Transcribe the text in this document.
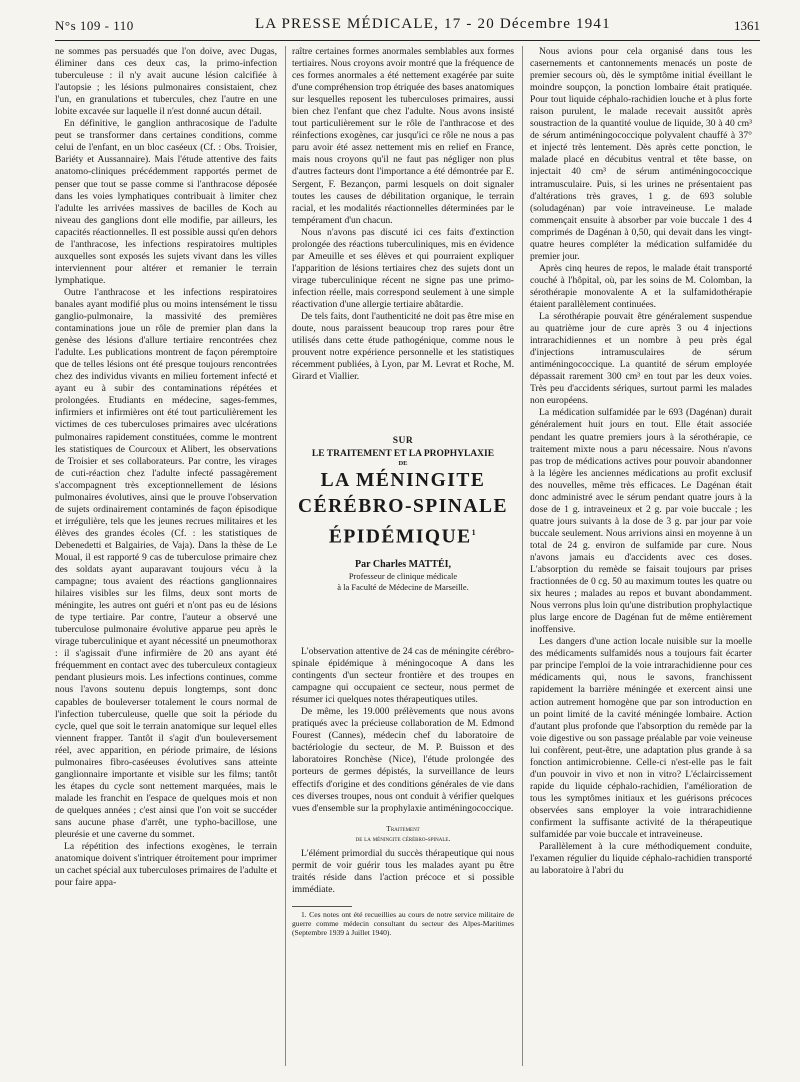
N°s 109 - 110	LA PRESSE MÉDICALE, 17 - 20 Décembre 1941	1361

ne sommes pas persuadés que l'on doive, avec Dugas, éliminer dans ces deux cas, la primo-infection tuberculeuse : il n'y avait aucune lésion calcifiée à l'autopsie ; les lésions pulmonaires consistaient, chez l'un, en granulations et tubercules, chez l'autre en une lobite excavée sur laquelle il n'est donné aucun détail.

En définitive, le ganglion anthracosique de l'adulte peut se transformer dans certaines conditions, comme celui de l'enfant, en un bloc caséeux (Cf. : Obs. Troisier, Bariéty et Aussannaire). Mais l'étude attentive des faits anatomo-cliniques précédemment rapportés permet de penser que tout se passe comme si l'anthracose déposée dans les voies lymphatiques contribuait à limiter chez l'adulte les arrivées massives de bacilles de Koch au niveau des ganglions dont elle modifie, par ailleurs, les capacités réactionnelles. Il est possible aussi qu'en dehors de l'anthracose, les infections respiratoires multiples auxquelles sont exposés les sujets vivant dans les villes interviennent pour altérer et remanier le terrain lymphatique.

Outre l'anthracose et les infections respiratoires banales ayant modifié plus ou moins intensément le tissu ganglio-pulmonaire, la massivité des premières contaminations joue un rôle de premier plan dans la genèse des lésions d'allure tertiaire rencontrées chez l'adulte. Les publications montrent de façon péremptoire que de telles lésions ont été presque toujours rencontrées chez des individus vivants en milieu fortement infecté et ayant eu à subir des contaminations répétées et prolongées. Etudiants en médecine, sages-femmes, infirmiers et infirmières ont été tout particulièrement les victimes de ces tuberculoses primaires avec ulcérations pulmonaires rapidement constituées, comme le montrent les statistiques de Courcoux et Alibert, les observations de Troisier et ses collaborateurs. Par contre, les virages de cuti-réaction chez l'adulte infecté passagèrement s'accompagnent très exceptionnellement de lésions pulmonaires évolutives, ainsi que le prouve l'observation de sujets ordinairement contaminés de façon épisodique et irrégulière, tels que les jeunes recrues militaires et les élèves des grandes écoles (Cf. : les statistiques de Debenedetti et Balgairies, de Vaja). Dans la thèse de Le Moual, il est rapporté 9 cas de tuberculose primaire chez des soldats ayant auparavant toujours vécu à la campagne; tous avaient des réactions ganglionnaires hilaires visibles sur les films, deux sont morts de méningite, les autres ont guéri et n'ont pas eu de lésions de type tertiaire. Par contre, l'auteur a observé une tuberculose pulmonaire évolutive apparue peu après le virage tuberculinique et ayant nécessité un pneumothorax : il s'agissait d'une infirmière de 20 ans ayant été fréquemment en contact avec des tuberculeux contagieux pendant plusieurs mois. Les infections continues, comme nous l'avons soutenu depuis longtemps, sont donc capables de bouleverser totalement le cours normal de l'infection tuberculeuse, quelle que soit la période du cycle, quel que soit le terrain anatomique sur lequel elles viennent frapper. Tantôt il s'agit d'un bouleversement réel, avec apparition, en période primaire, de lésions pulmonaires fibro-caséeuses évolutives sans atteinte ganglionnaire importante et visible sur les films; tantôt les étapes du cycle sont nettement marquées, mais le malade les franchit en l'espace de quelques mois et non de quelques années ; c'est ainsi que l'on voit se succéder sans aucune phase d'arrêt, une typho-bacillose, une pleurésie et une caverne du sommet.

La répétition des infections exogènes, le terrain anatomique doivent s'intriquer étroitement pour imprimer un cachet spécial aux tuberculoses primaires de l'adulte et pour faire appa-

raître certaines formes anormales semblables aux formes tertiaires. Nous croyons avoir montré que la fréquence de ces formes anormales a été nettement exagérée par suite d'une compréhension trop étriquée des bases anatomiques sur lesquelles reposent les tuberculoses primaires, aussi bien chez l'enfant que chez l'adulte. Nous avons insisté tout particulièrement sur le rôle de l'anthracose et des réinfections exogènes, car jusqu'ici ce rôle ne nous a pas paru avoir été assez nettement mis en relief en France, mais nous croyons qu'il ne faut pas négliger non plus d'autres facteurs dont l'importance a été démontrée par E. Sergent, F. Bezançon, parmi lesquels on doit signaler toutes les causes de débilitation organique, le terrain racial, et les modalités réactionnelles déterminées par le tempérament d'un chacun.

Nous n'avons pas discuté ici ces faits d'extinction prolongée des réactions tuberculiniques, mis en évidence par Ameuille et ses élèves et qui pourraient expliquer l'apparition de lésions tertiaires chez des sujets dont un virage tuberculinique récent ne signe pas une primo-infection réelle, mais correspond seulement à une simple réactivation d'une allergie tertiaire abâtardie.

De tels faits, dont l'authenticité ne doit pas être mise en doute, nous paraissent beaucoup trop rares pour être utilisés dans cette étude pathogénique, comme nous le prouvent notre expérience personnelle et les statistiques récemment publiées, à Lyon, par M. Levrat et Roche, M. Girard et Viallier.

SUR
LE TRAITEMENT ET LA PROPHYLAXIE
DE
LA MÉNINGITE
CÉRÉBRO-SPINALE
ÉPIDÉMIQUE$^1$
Par Charles MATTÉI,
Professeur de clinique médicale
à la Faculté de Médecine de Marseille.

L'observation attentive de 24 cas de méningite cérébro-spinale épidémique à méningocoque A dans les contingents d'un secteur frontière et des troupes en campagne qui occupaient ce secteur, nous permet de résumer ici quelques notes thérapeutiques utiles.

De même, les 19.000 prélèvements que nous avons pratiqués avec la précieuse collaboration de M. Edmond Fourest (Cannes), médecin chef du laboratoire de bactériologie du secteur, de M. P. Buisson et des laboratoires Ronchèse (Nice), l'étude prolongée des porteurs de germes dépistés, la surveillance de leurs effectifs d'origine et des conditions générales de vie dans ces diverses troupes, nous ont conduit à vérifier quelques vues d'ensemble sur la prophylaxie antiméningococcique.

Traitement
de la méningite cérébro-spinale.

L'élément primordial du succès thérapeutique qui nous permit de voir guérir tous les malades ayant pu être traités réside dans l'action précoce et si possible immédiate.

1. Ces notes ont été recueillies au cours de notre service militaire de guerre comme médecin consultant du secteur des Alpes-Maritimes (Septembre 1939 à Juillet 1940).

Nous avions pour cela organisé dans tous les casernements et cantonnements menacés un poste de premier secours où, dès le symptôme initial éveillant le moindre soupçon, la ponction lombaire était pratiquée. Pour tout liquide céphalo-rachidien louche et à plus forte raison purulent, le malade recevait aussitôt après soustraction de la quantité voulue de liquide, 30 à 40 cm³ de sérum antiméningococcique polyvalent chauffé à 37° et injecté très lentement. Dès après cette ponction, le malade placé en décubitus ventral et tête basse, on injectait 40 cm³ de sérum antiméningococcique intramusculaire. Puis, si les urines ne présentaient pas d'altérations très graves, 1 g. de 693 soluble (soludagénan) par voie intraveineuse. Le malade commençait ensuite à absorber par voie buccale 1 des 4 comprimés de Dagénan à 0,50, qui devait dans les vingt-quatre heures compléter la médication sulfamidée du premier jour.

Après cinq heures de repos, le malade était transporté couché à l'hôpital, où, par les soins de M. Colomban, la sérothérapie monovalente A et la sulfamidothérapie étaient parallèlement continuées.

La sérothérapie pouvait être généralement suspendue au quatrième jour de cure après 3 ou 4 injections intrarachidiennes et un nombre à peu près égal d'injections intramusculaires de sérum antiméningococcique. La quantité de sérum employée dépassait rarement 300 cm³ en tout par les deux voies. Très peu d'accidents sériques, surtout parmi les malades non européens.

La médication sulfamidée par le 693 (Dagénan) durait généralement huit jours en tout. Elle était associée pendant les quatre premiers jours à la sérothérapie, ce traitement mixte nous a paru nécessaire. Nous n'avons pas trop de médications actives pour pouvoir abandonner à la légère les anciennes médications au profit exclusif des nouvelles, même très efficaces. Le Dagénan était donc administré avec le sérum pendant quatre jours à la dose de 1 g. intraveineux et 2 g. par voie buccale ; les quatre jours suivants à la dose de 3 g. par jour par voie buccale seulement. Nous arrivions ainsi en moyenne à un total de 24 g. environ de sulfamide par cure. Nous n'avons jamais eu d'accidents avec ces doses. L'absorption du remède se faisait toujours par prises fractionnées de 0 cg. 50 au maximum toutes les quatre ou six heures ; malades au repos et buvant abondamment. Nous verrons plus loin qu'une distribution prophylactique plus large encore de Dagénan fut de même entièrement inoffensive.

Les dangers d'une action locale nuisible sur la moelle des médicaments sulfamidés nous a toujours fait écarter par principe l'emploi de la voie intrarachidienne pour ces médicaments qui, nous le savons, franchissent rapidement la barrière méningée et exercent ainsi une action autrement homogène que par son introduction en un point limité de la cavité méningée lombaire. Action d'autant plus profonde que l'absorption du remède par la voie digestive ou son passage préalable par voie veineuse lui confèrent, peut-être, une adaptation plus grande à sa fonction antimicrobienne. Celle-ci n'est-elle pas le fait d'un pouvoir in vivo et non in vitro? L'éclaircissement rapide du liquide céphalo-rachidien, l'amélioration de tous les symptômes initiaux et les guérisons précoces observées sans employer la voie intrarachidienne confirment la suffisante activité de la thérapeutique sulfamidée par voie buccale et intraveineuse.

Parallèlement à la cure méthodiquement conduite, l'examen régulier du liquide céphalo-rachidien transporté au laboratoire à l'abri du
